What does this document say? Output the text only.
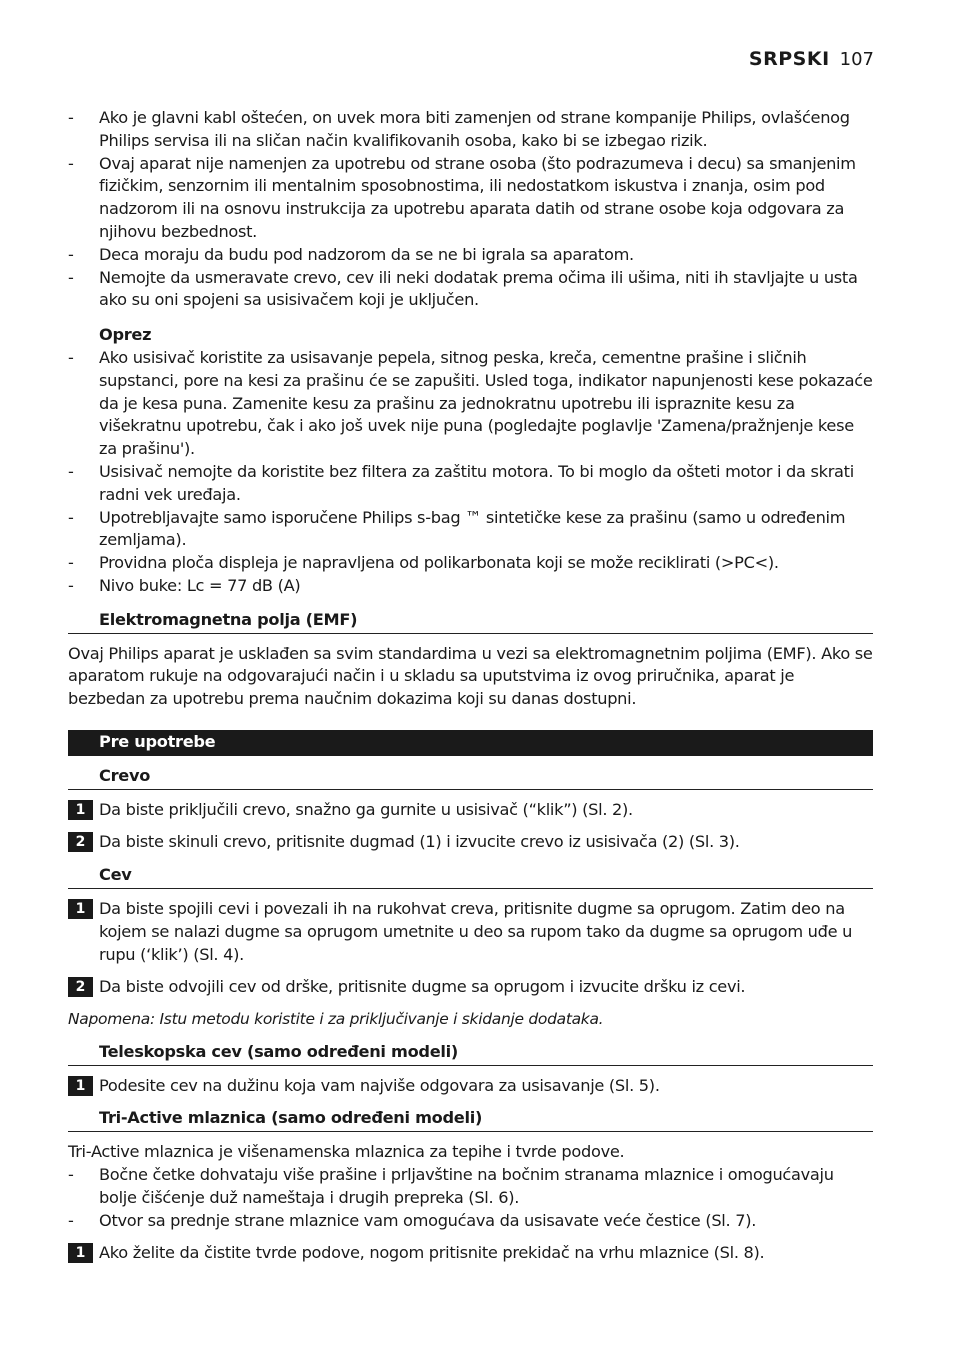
SRPSKI 107
- Ako je glavni kabl oštećen, on uvek mora biti zamenjen od strane kompanije Philips, ovlašćenog Philips servisa ili na sličan način kvalifikovanih osoba, kako bi se izbegao rizik.
- Ovaj aparat nije namenjen za upotrebu od strane osoba (što podrazumeva i decu) sa smanjenim fizičkim, senzornim ili mentalnim sposobnostima, ili nedostatkom iskustva i znanja, osim pod nadzorom ili na osnovu instrukcija za upotrebu aparata datih od strane osobe koja odgovara za njihovu bezbednost.
- Deca moraju da budu pod nadzorom da se ne bi igrala sa aparatom.
- Nemojte da usmeravate crevo, cev ili neki dodatak prema očima ili ušima, niti ih stavljajte u usta ako su oni spojeni sa usisivačem koji je uključen.
Oprez
- Ako usisivač koristite za usisavanje pepela, sitnog peska, kreča, cementne prašine i sličnih supstanci, pore na kesi za prašinu će se zapušiti. Usled toga, indikator napunjenosti kese pokazaće da je kesa puna. Zamenite kesu za prašinu za jednokratnu upotrebu ili ispraznite kesu za višekratnu upotrebu, čak i ako još uvek nije puna (pogledajte poglavlje 'Zamena/pražnjenje kese za prašinu').
- Usisivač nemojte da koristite bez filtera za zaštitu motora. To bi moglo da ošteti motor i da skrati radni vek uređaja.
- Upotrebljavajte samo isporučene Philips s-bag ™ sintetičke kese za prašinu (samo u određenim zemljama).
- Providna ploča displeja je napravljena od polikarbonata koji se može reciklirati (>PC<).
- Nivo buke: Lc = 77 dB (A)
Elektromagnetna polja (EMF)

Ovaj Philips aparat je usklađen sa svim standardima u vezi sa elektromagnetnim poljima (EMF). Ako se aparatom rukuje na odgovarajući način i u skladu sa uputstvima iz ovog priručnika, aparat je bezbedan za upotrebu prema naučnim dokazima koji su danas dostupni.

Pre upotrebe
Crevo
1 Da biste priključili crevo, snažno ga gurnite u usisivač (“klik”) (Sl. 2).
2 Da biste skinuli crevo, pritisnite dugmad (1) i izvucite crevo iz usisivača (2) (Sl. 3).
Cev
1 Da biste spojili cevi i povezali ih na rukohvat creva, pritisnite dugme sa oprugom. Zatim deo na kojem se nalazi dugme sa oprugom umetnite u deo sa rupom tako da dugme sa oprugom uđe u rupu (‘klik’) (Sl. 4).
2 Da biste odvojili cev od drške, pritisnite dugme sa oprugom i izvucite dršku iz cevi.

Napomena: Istu metodu koristite i za priključivanje i skidanje dodataka.

Teleskopska cev (samo određeni modeli)
1 Podesite cev na dužinu koja vam najviše odgovara za usisavanje (Sl. 5).
Tri-Active mlaznica (samo određeni modeli)

Tri-Active mlaznica je višenamenska mlaznica za tepihe i tvrde podove.

- Bočne četke dohvataju više prašine i prljavštine na bočnim stranama mlaznice i omogućavaju bolje čišćenje duž nameštaja i drugih prepreka (Sl. 6).
- Otvor sa prednje strane mlaznice vam omogućava da usisavate veće čestice (Sl. 7).
1 Ako želite da čistite tvrde podove, nogom pritisnite prekidač na vrhu mlaznice (Sl. 8).
